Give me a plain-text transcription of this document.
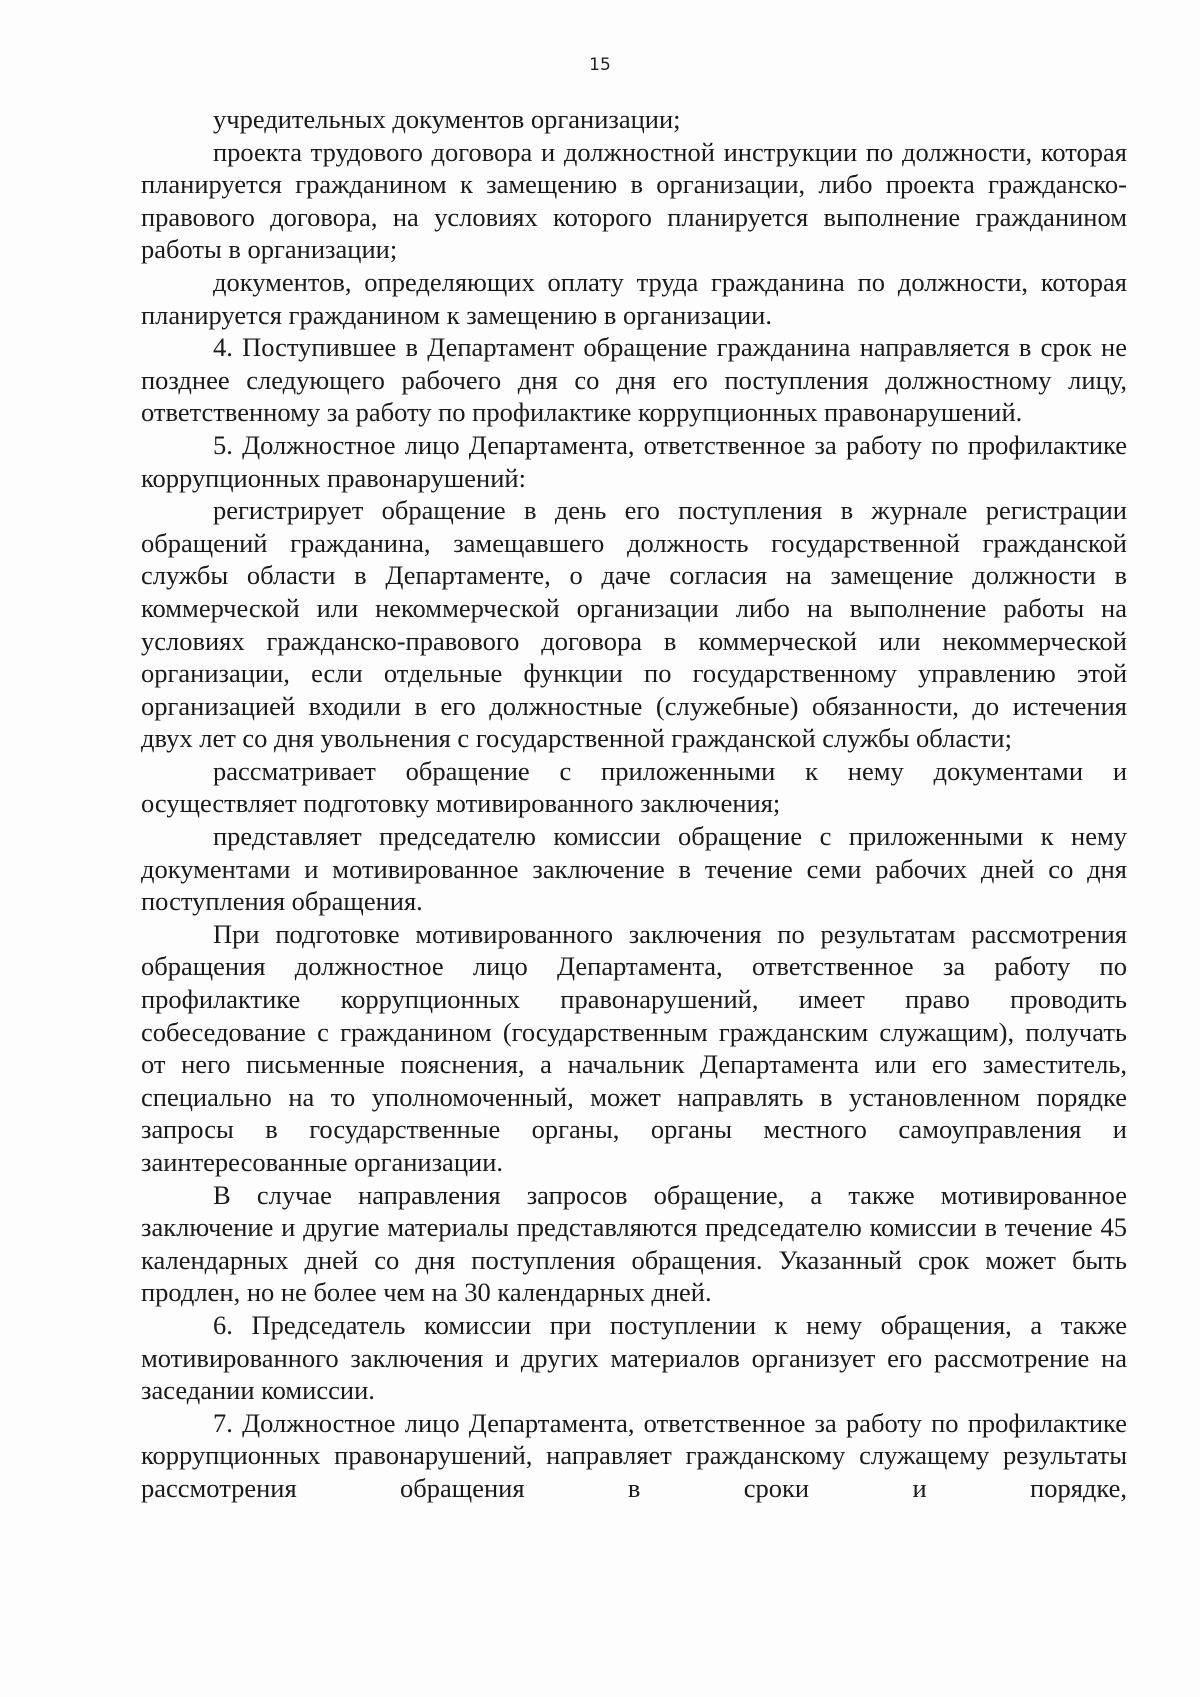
15

учредительных документов организации;

проекта трудового договора и должностной инструкции по должности, которая планируется гражданином к замещению в организации, либо проекта гражданско-правового договора, на условиях которого планируется выполнение гражданином работы в организации;

документов, определяющих оплату труда гражданина по должности, которая планируется гражданином к замещению в организации.

4. Поступившее в Департамент обращение гражданина направляется в срок не позднее следующего рабочего дня со дня его поступления должностному лицу, ответственному за работу по профилактике коррупционных правонарушений.

5. Должностное лицо Департамента, ответственное за работу по профилактике коррупционных правонарушений:

регистрирует обращение в день его поступления в журнале регистрации обращений гражданина, замещавшего должность государственной гражданской службы области в Департаменте, о даче согласия на замещение должности в коммерческой или некоммерческой организации либо на выполнение работы на условиях гражданско-правового договора в коммерческой или некоммерческой организации, если отдельные функции по государственному управлению этой организацией входили в его должностные (служебные) обязанности, до истечения двух лет со дня увольнения с государственной гражданской службы области;

рассматривает обращение с приложенными к нему документами и осуществляет подготовку мотивированного заключения;

представляет председателю комиссии обращение с приложенными к нему документами и мотивированное заключение в течение семи рабочих дней со дня поступления обращения.

При подготовке мотивированного заключения по результатам рассмотрения обращения должностное лицо Департамента, ответственное за работу по профилактике коррупционных правонарушений, имеет право проводить собеседование с гражданином (государственным гражданским служащим), получать от него письменные пояснения, а начальник Департамента или его заместитель, специально на то уполномоченный, может направлять в установленном порядке запросы в государственные органы, органы местного самоуправления и заинтересованные организации.

В случае направления запросов обращение, а также мотивированное заключение и другие материалы представляются председателю комиссии в течение 45 календарных дней со дня поступления обращения. Указанный срок может быть продлен, но не более чем на 30 календарных дней.

6. Председатель комиссии при поступлении к нему обращения, а также мотивированного заключения и других материалов организует его рассмотрение на заседании комиссии.

7. Должностное лицо Департамента, ответственное за работу по профилактике коррупционных правонарушений, направляет гражданскому служащему результаты рассмотрения обращения в сроки и порядке,
